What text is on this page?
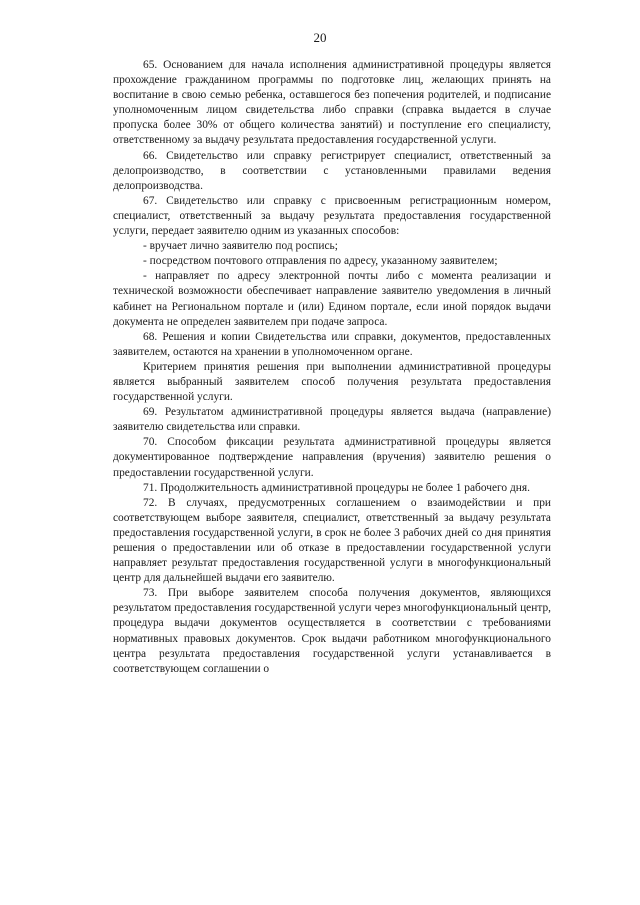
20

65. Основанием для начала исполнения административной процедуры является прохождение гражданином программы по подготовке лиц, желающих принять на воспитание в свою семью ребенка, оставшегося без попечения родителей, и подписание уполномоченным лицом свидетельства либо справки (справка выдается в случае пропуска более 30% от общего количества занятий) и поступление его специалисту, ответственному за выдачу результата предоставления государственной услуги.

66. Свидетельство или справку регистрирует специалист, ответственный за делопроизводство, в соответствии с установленными правилами ведения делопроизводства.

67. Свидетельство или справку с присвоенным регистрационным номером, специалист, ответственный за выдачу результата предоставления государственной услуги, передает заявителю одним из указанных способов:

- вручает лично заявителю под роспись;

- посредством почтового отправления по адресу, указанному заявителем;

- направляет по адресу электронной почты либо с момента реализации и технической возможности обеспечивает направление заявителю уведомления в личный кабинет на Региональном портале и (или) Едином портале, если иной порядок выдачи документа не определен заявителем при подаче запроса.

68. Решения и копии Свидетельства или справки, документов, предоставленных заявителем, остаются на хранении в уполномоченном органе.

Критерием принятия решения при выполнении административной процедуры является выбранный заявителем способ получения результата предоставления государственной услуги.

69. Результатом административной процедуры является выдача (направление) заявителю свидетельства или справки.

70. Способом фиксации результата административной процедуры является документированное подтверждение направления (вручения) заявителю решения о предоставлении государственной услуги.

71. Продолжительность административной процедуры не более 1 рабочего дня.

72. В случаях, предусмотренных соглашением о взаимодействии и при соответствующем выборе заявителя, специалист, ответственный за выдачу результата предоставления государственной услуги, в срок не более 3 рабочих дней со дня принятия решения о предоставлении или об отказе в предоставлении государственной услуги направляет результат предоставления государственной услуги в многофункциональный центр для дальнейшей выдачи его заявителю.

73. При выборе заявителем способа получения документов, являющихся результатом предоставления государственной услуги через многофункциональный центр, процедура выдачи документов осуществляется в соответствии с требованиями нормативных правовых документов. Срок выдачи работником многофункционального центра результата предоставления государственной услуги устанавливается в соответствующем соглашении о
